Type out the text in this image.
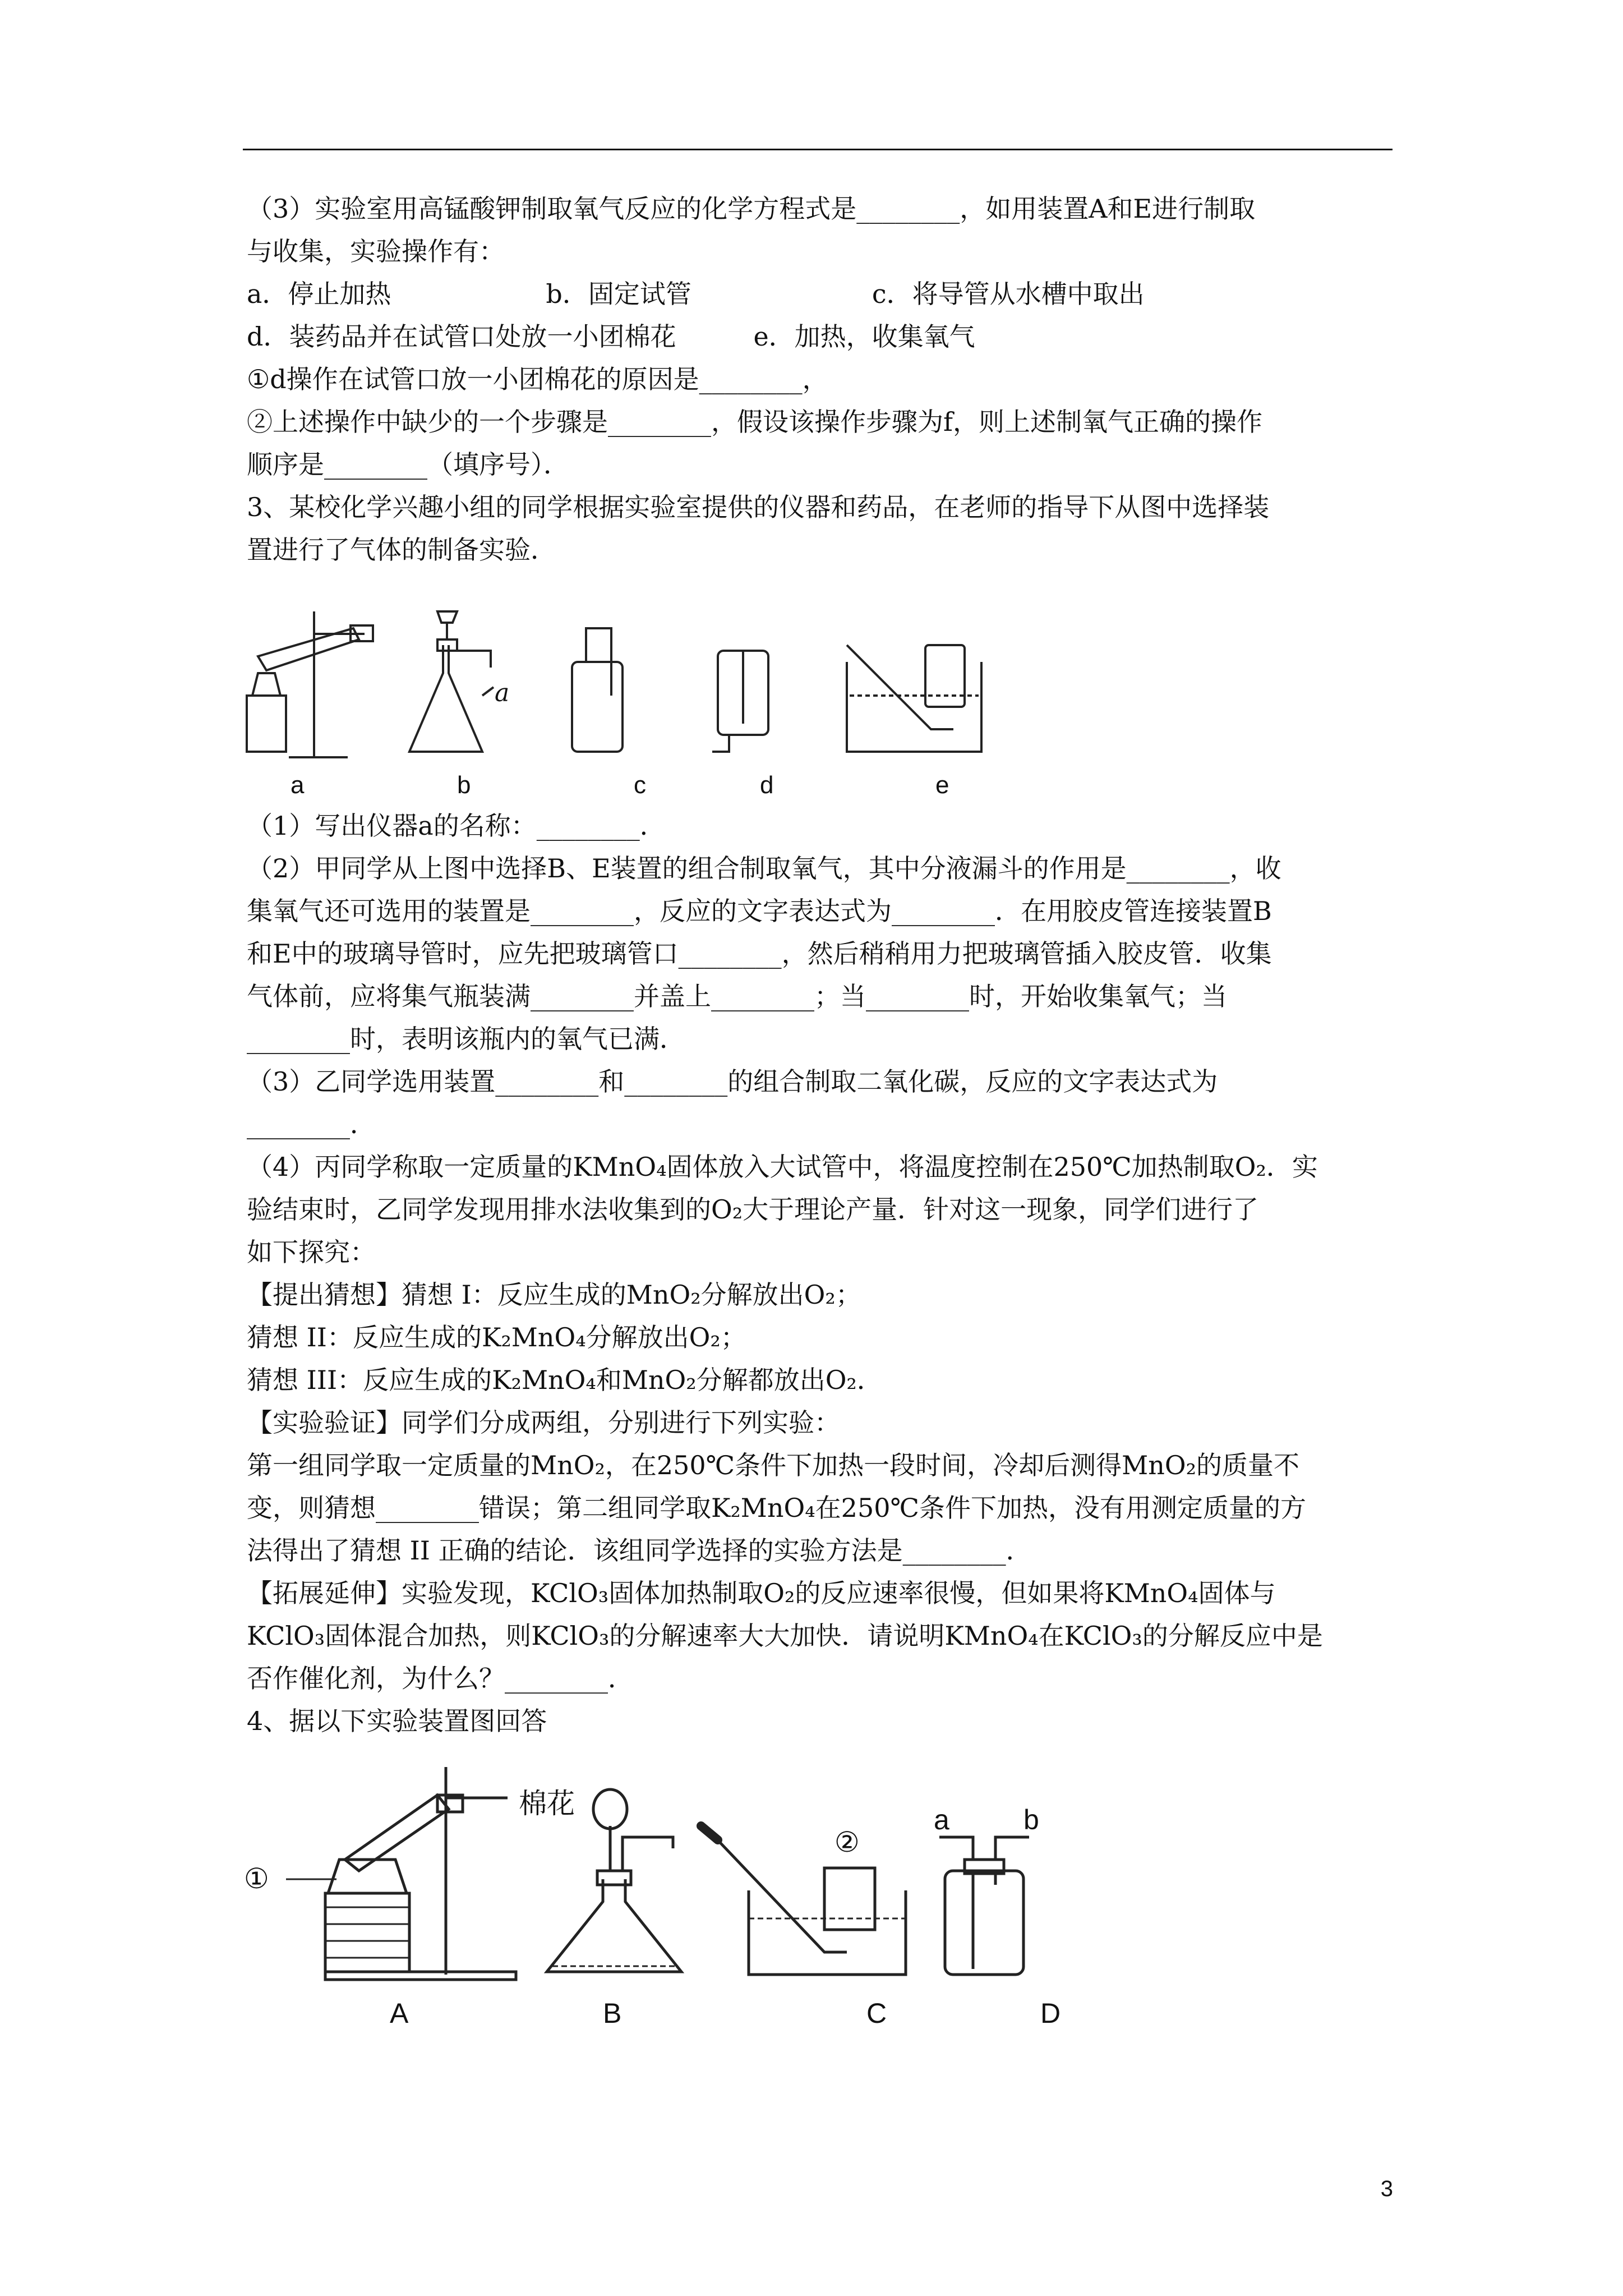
（3）实验室用高锰酸钾制取氧气反应的化学方程式是________，如用装置A和E进行制取
与收集，实验操作有：
a．停止加热　　　　　　b．固定试管　　　　　　　c．将导管从水槽中取出
d．装药品并在试管口处放一小团棉花　　　e．加热，收集氧气
①d操作在试管口放一小团棉花的原因是________，
②上述操作中缺少的一个步骤是________，假设该操作步骤为f，则上述制氧气正确的操作
顺序是________（填序号）．
3、某校化学兴趣小组的同学根据实验室提供的仪器和药品，在老师的指导下从图中选择装
置进行了气体的制备实验．
a
a	b	c	d	e
（1）写出仪器a的名称：________．
（2）甲同学从上图中选择B、E装置的组合制取氧气，其中分液漏斗的作用是________，收
集氧气还可选用的装置是________，反应的文字表达式为________．在用胶皮管连接装置B
和E中的玻璃导管时，应先把玻璃管口________，然后稍稍用力把玻璃管插入胶皮管．收集
气体前，应将集气瓶装满________并盖上________；当________时，开始收集氧气；当
________时，表明该瓶内的氧气已满．
（3）乙同学选用装置________和________的组合制取二氧化碳，反应的文字表达式为
________．
（4）丙同学称取一定质量的KMnO₄固体放入大试管中，将温度控制在250℃加热制取O₂．实
验结束时，乙同学发现用排水法收集到的O₂大于理论产量．针对这一现象，同学们进行了
如下探究：
【提出猜想】猜想 I：反应生成的MnO₂分解放出O₂；
猜想 II：反应生成的K₂MnO₄分解放出O₂；
猜想 III：反应生成的K₂MnO₄和MnO₂分解都放出O₂．
【实验验证】同学们分成两组，分别进行下列实验：
第一组同学取一定质量的MnO₂，在250℃条件下加热一段时间，冷却后测得MnO₂的质量不
变，则猜想________错误；第二组同学取K₂MnO₄在250℃条件下加热，没有用测定质量的方
法得出了猜想 II 正确的结论．该组同学选择的实验方法是________．
【拓展延伸】实验发现，KClO₃固体加热制取O₂的反应速率很慢，但如果将KMnO₄固体与
KClO₃固体混合加热，则KClO₃的分解速率大大加快．请说明KMnO₄在KClO₃的分解反应中是
否作催化剂，为什么？________．
4、据以下实验装置图回答
棉花
①
②
a	b
A	B	C	D
3
